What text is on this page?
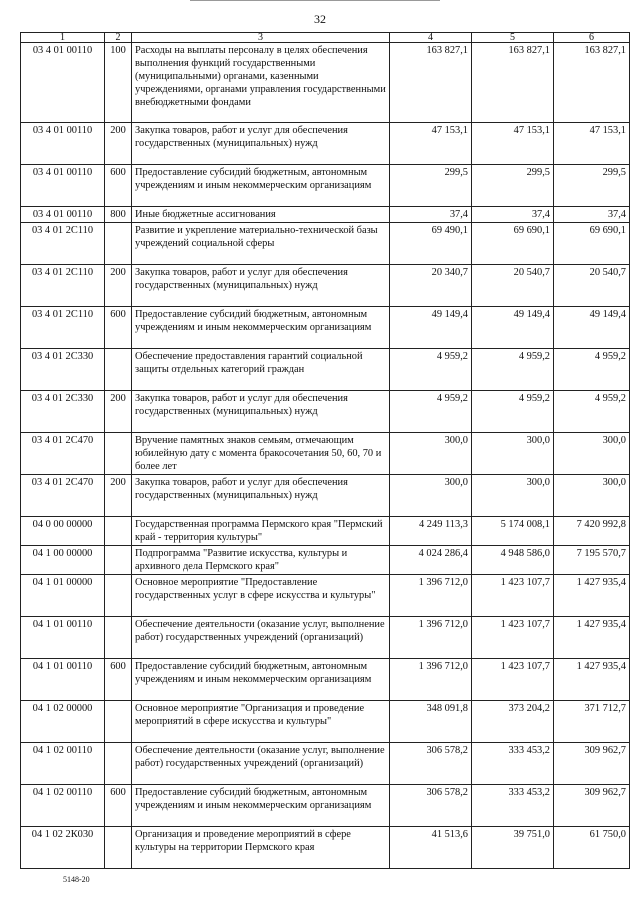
32
1	2	3	4	5	6
03 4 01 00110	100	Расходы на выплаты персоналу в целях обеспечения выполнения функций государственными (муниципальными) органами, казенными учреждениями, органами управления государственными внебюджетными фондами	163 827,1	163 827,1	163 827,1
03 4 01 00110	200	Закупка товаров, работ и услуг для обеспечения государственных (муниципальных) нужд	47 153,1	47 153,1	47 153,1
03 4 01 00110	600	Предоставление субсидий бюджетным, автономным учреждениям и иным некоммерческим организациям	299,5	299,5	299,5
03 4 01 00110	800	Иные бюджетные ассигнования	37,4	37,4	37,4
03 4 01 2С110		Развитие и укрепление материально-технической базы учреждений социальной сферы	69 490,1	69 690,1	69 690,1
03 4 01 2С110	200	Закупка товаров, работ и услуг для обеспечения государственных (муниципальных) нужд	20 340,7	20 540,7	20 540,7
03 4 01 2С110	600	Предоставление субсидий бюджетным, автономным учреждениям и иным некоммерческим организациям	49 149,4	49 149,4	49 149,4
03 4 01 2С330		Обеспечение предоставления гарантий социальной защиты отдельных категорий граждан	4 959,2	4 959,2	4 959,2
03 4 01 2С330	200	Закупка товаров, работ и услуг для обеспечения государственных (муниципальных) нужд	4 959,2	4 959,2	4 959,2
03 4 01 2С470		Вручение памятных знаков семьям, отмечающим юбилейную дату с момента бракосочетания 50, 60, 70 и более лет	300,0	300,0	300,0
03 4 01 2С470	200	Закупка товаров, работ и услуг для обеспечения государственных (муниципальных) нужд	300,0	300,0	300,0
04 0 00 00000		Государственная программа Пермского края "Пермский край - территория культуры"	4 249 113,3	5 174 008,1	7 420 992,8
04 1 00 00000		Подпрограмма "Развитие искусства, культуры и архивного дела Пермского края"	4 024 286,4	4 948 586,0	7 195 570,7
04 1 01 00000		Основное мероприятие "Предоставление государственных услуг в сфере искусства и культуры"	1 396 712,0	1 423 107,7	1 427 935,4
04 1 01 00110		Обеспечение деятельности (оказание услуг, выполнение работ) государственных учреждений (организаций)	1 396 712,0	1 423 107,7	1 427 935,4
04 1 01 00110	600	Предоставление субсидий бюджетным, автономным учреждениям и иным некоммерческим организациям	1 396 712,0	1 423 107,7	1 427 935,4
04 1 02 00000		Основное мероприятие "Организация и проведение мероприятий в сфере искусства и культуры"	348 091,8	373 204,2	371 712,7
04 1 02 00110		Обеспечение деятельности (оказание услуг, выполнение работ) государственных учреждений (организаций)	306 578,2	333 453,2	309 962,7
04 1 02 00110	600	Предоставление субсидий бюджетным, автономным учреждениям и иным некоммерческим организациям	306 578,2	333 453,2	309 962,7
04 1 02 2К030		Организация и проведение мероприятий в сфере культуры на территории Пермского края	41 513,6	39 751,0	61 750,0
5148-20
